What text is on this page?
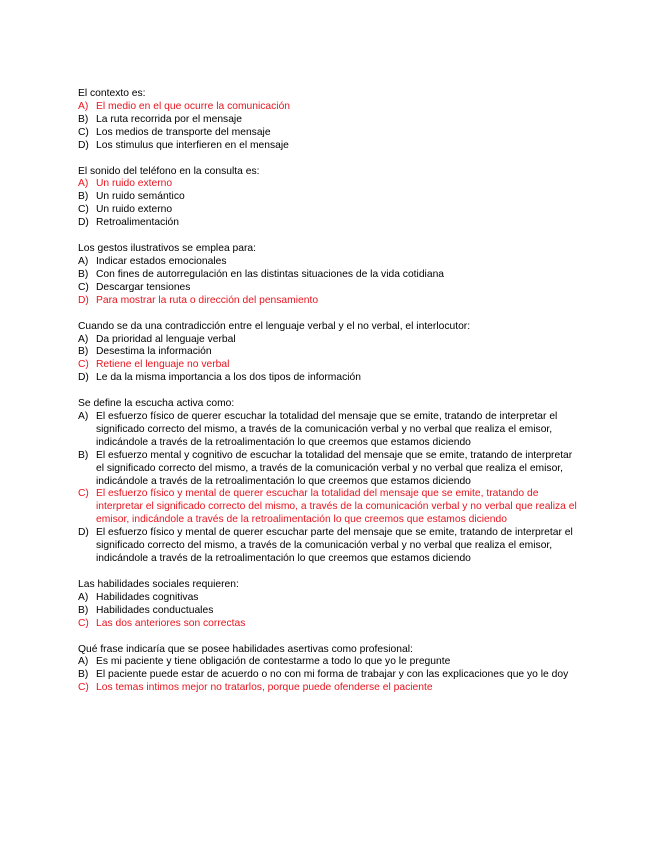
El contexto es:
A) El medio en el que ocurre la comunicación
B) La ruta recorrida por el mensaje
C) Los medios de transporte del mensaje
D) Los stimulus que interfieren en el mensaje
El sonido del teléfono en la consulta es:
A) Un ruido externo
B) Un ruido semántico
C) Un ruido externo
D) Retroalimentación
Los gestos ilustrativos se emplea para:
A) Indicar estados emocionales
B) Con fines de autorregulación en las distintas situaciones de la vida cotidiana
C) Descargar tensiones
D) Para mostrar la ruta o dirección del pensamiento
Cuando se da una contradicción entre el lenguaje verbal y el no verbal, el interlocutor:
A) Da prioridad al lenguaje verbal
B) Desestima la información
C) Retiene el lenguaje no verbal
D) Le da la misma importancia a los dos tipos de información
Se define la escucha activa como:
A) El esfuerzo físico de querer escuchar la totalidad del mensaje que se emite, tratando de interpretar el significado correcto del mismo, a través de la comunicación verbal y no verbal que realiza el emisor, indicándole a través de la retroalimentación lo que creemos que estamos diciendo
B) El esfuerzo mental y cognitivo de escuchar la totalidad del mensaje que se emite, tratando de interpretar el significado correcto del mismo, a través de la comunicación verbal y no verbal que realiza el emisor, indicándole a través de la retroalimentación lo que creemos que estamos diciendo
C) El esfuerzo físico y mental de querer escuchar la totalidad del mensaje que se emite, tratando de interpretar el significado correcto del mismo, a través de la comunicación verbal y no verbal que realiza el emisor, indicándole a través de la retroalimentación lo que creemos que estamos diciendo
D) El esfuerzo físico y mental de querer escuchar parte del mensaje que se emite, tratando de interpretar el significado correcto del mismo, a través de la comunicación verbal y no verbal que realiza el emisor, indicándole a través de la retroalimentación lo que creemos que estamos diciendo
Las habilidades sociales requieren:
A) Habilidades cognitivas
B) Habilidades conductuales
C) Las dos anteriores son correctas
Qué frase indicaría que se posee habilidades asertivas como profesional:
A) Es mi paciente y tiene obligación de contestarme a todo lo que yo le pregunte
B) El paciente puede estar de acuerdo o no con mi forma de trabajar y con las explicaciones que yo le doy
C) Los temas intimos mejor no tratarlos, porque puede ofenderse el paciente
